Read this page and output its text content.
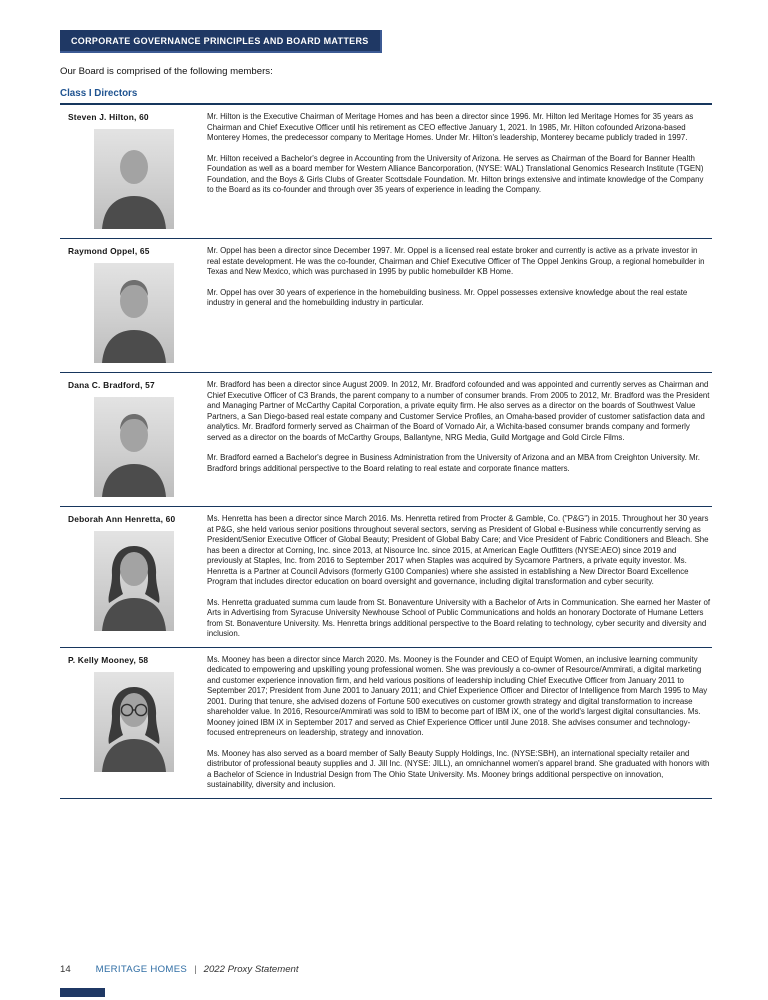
CORPORATE GOVERNANCE PRINCIPLES AND BOARD MATTERS
Our Board is comprised of the following members:
Class I Directors
Steven J. Hilton, 60	Mr. Hilton is the Executive Chairman of Meritage Homes and has been a director since 1996. Mr. Hilton led Meritage Homes for 35 years as Chairman and Chief Executive Officer until his retirement as CEO effective January 1, 2021. In 1985, Mr. Hilton cofounded Arizona-based Monterey Homes, the predecessor company to Meritage Homes. Under Mr. Hilton's leadership, Monterey became publicly traded in 1997.

Mr. Hilton received a Bachelor's degree in Accounting from the University of Arizona. He serves as Chairman of the Board for Banner Health Foundation as well as a board member for Western Alliance Bancorporation, (NYSE: WAL) Translational Genomics Research Institute (TGEN) Foundation, and the Boys & Girls Clubs of Greater Scottsdale Foundation. Mr. Hilton brings extensive and intimate knowledge of the Company to the Board as its co-founder and through over 35 years of experience in leading the Company.

Raymond Oppel, 65	Mr. Oppel has been a director since December 1997. Mr. Oppel is a licensed real estate broker and currently is active as a private investor in real estate development. He was the co-founder, Chairman and Chief Executive Officer of The Oppel Jenkins Group, a regional homebuilder in Texas and New Mexico, which was purchased in 1995 by public homebuilder KB Home.

Mr. Oppel has over 30 years of experience in the homebuilding business. Mr. Oppel possesses extensive knowledge about the real estate industry in general and the homebuilding industry in particular.

Dana C. Bradford, 57	Mr. Bradford has been a director since August 2009. In 2012, Mr. Bradford cofounded and was appointed and currently serves as Chairman and Chief Executive Officer of C3 Brands, the parent company to a number of consumer brands. From 2005 to 2012, Mr. Bradford was the President and Managing Partner of McCarthy Capital Corporation, a private equity firm. He also serves as a director on the boards of Southwest Value Partners, a San Diego-based real estate company and Customer Service Profiles, an Omaha-based provider of customer satisfaction data and analytics. Mr. Bradford formerly served as Chairman of the Board of Vornado Air, a Wichita-based consumer brands company and formerly served as a director on the boards of McCarthy Groups, Ballantyne, NRG Media, Guild Mortgage and Gold Circle Films.

Mr. Bradford earned a Bachelor's degree in Business Administration from the University of Arizona and an MBA from Creighton University. Mr. Bradford brings additional perspective to the Board relating to real estate and corporate finance matters.

Deborah Ann Henretta, 60	Ms. Henretta has been a director since March 2016. Ms. Henretta retired from Procter & Gamble, Co. ("P&G") in 2015. Throughout her 30 years at P&G, she held various senior positions throughout several sectors, serving as President of Global e-Business while concurrently serving as President/Senior Executive Officer of Global Beauty; President of Global Baby Care; and Vice President of Fabric Conditioners and Bleach. She has been a director at Corning, Inc. since 2013, at Nisource Inc. since 2015, at American Eagle Outfitters (NYSE:AEO) since 2019 and previously at Staples, Inc. from 2016 to September 2017 when Staples was acquired by Sycamore Partners, a private equity investor. Ms. Henretta is a Partner at Council Advisors (formerly G100 Companies) where she assisted in establishing a New Director Board Excellence Program that includes director education on board oversight and governance, including digital transformation and cyber security.

Ms. Henretta graduated summa cum laude from St. Bonaventure University with a Bachelor of Arts in Communication. She earned her Master of Arts in Advertising from Syracuse University Newhouse School of Public Communications and holds an honorary Doctorate of Humane Letters from St. Bonaventure University. Ms. Henretta brings additional perspective to the Board relating to technology, cyber security and diversity and inclusion.

P. Kelly Mooney, 58	Ms. Mooney has been a director since March 2020. Ms. Mooney is the Founder and CEO of Equipt Women, an inclusive learning community dedicated to empowering and upskilling young professional women. She was previously a co-owner of Resource/Ammirati, a digital marketing and customer experience innovation firm, and held various positions of leadership including Chief Executive Officer from January 2011 to September 2017; President from June 2001 to January 2011; and Chief Experience Officer and Director of Intelligence from March 1995 to May 2001. During that tenure, she advised dozens of Fortune 500 executives on customer growth strategy and digital transformation to increase shareholder value. In 2016, Resource/Ammirati was sold to IBM to become part of IBM iX, one of the world's largest digital consultancies. Ms. Mooney joined IBM iX in September 2017 and served as Chief Experience Officer until June 2018. She advises consumer and technology-focused entrepreneurs on leadership, strategy and innovation.

Ms. Mooney has also served as a board member of Sally Beauty Supply Holdings, Inc. (NYSE:SBH), an international specialty retailer and distributor of professional beauty supplies and J. Jill Inc. (NYSE: JILL), an omnichannel women's apparel brand. She graduated with honors with a Bachelor of Science in Industrial Design from The Ohio State University. Ms. Mooney brings additional perspective on innovation, sustainability, diversity and inclusion.

14	MERITAGE HOMES | 2022 Proxy Statement
